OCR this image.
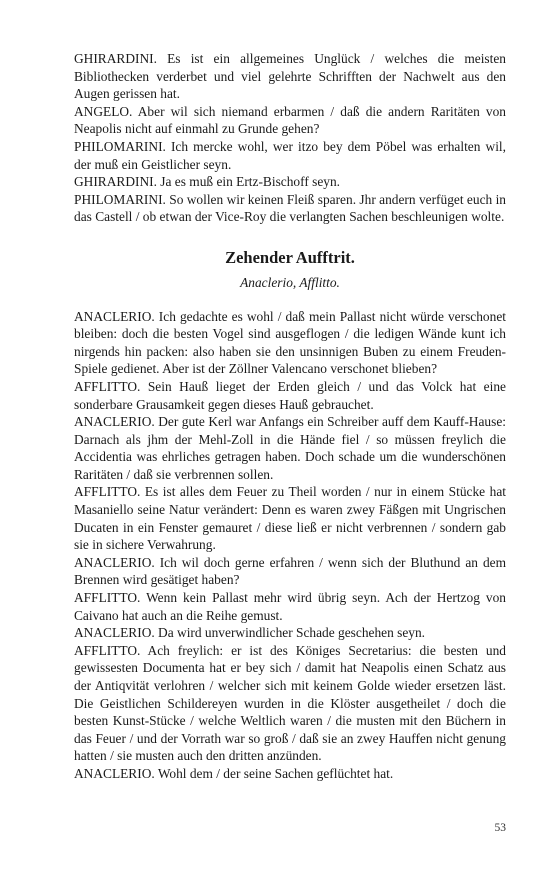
GHIRARDINI. Es ist ein allgemeines Unglück / welches die meisten Bibliothecken verderbet und viel gelehrte Schrifften der Nachwelt aus den Augen gerissen hat.

ANGELO. Aber wil sich niemand erbarmen / daß die andern Raritäten von Neapolis nicht auf einmahl zu Grunde gehen?

PHILOMARINI. Ich mercke wohl, wer itzo bey dem Pöbel was erhalten wil, der muß ein Geistlicher seyn.

GHIRARDINI. Ja es muß ein Ertz-Bischoff seyn.

PHILOMARINI. So wollen wir keinen Fleiß sparen. Jhr andern verfüget euch in das Castell / ob etwan der Vice-Roy die verlangten Sachen beschleunigen wolte.

Zehender Aufftrit.

Anaclerio, Afflitto.

ANACLERIO. Ich gedachte es wohl / daß mein Pallast nicht würde verschonet bleiben: doch die besten Vogel sind ausgeflogen / die ledigen Wände kunt ich nirgends hin packen: also haben sie den unsinnigen Buben zu einem Freuden-Spiele gedienet. Aber ist der Zöllner Valencano verschonet blieben?

AFFLITTO. Sein Hauß lieget der Erden gleich / und das Volck hat eine sonderbare Grausamkeit gegen dieses Hauß gebrauchet.

ANACLERIO. Der gute Kerl war Anfangs ein Schreiber auff dem Kauff-Hause: Darnach als jhm der Mehl-Zoll in die Hände fiel / so müssen freylich die Accidentia was ehrliches getragen haben. Doch schade um die wunderschönen Raritäten / daß sie verbrennen sollen.

AFFLITTO. Es ist alles dem Feuer zu Theil worden / nur in einem Stücke hat Masaniello seine Natur verändert: Denn es waren zwey Fäßgen mit Ungrischen Ducaten in ein Fenster gemauret / diese ließ er nicht verbrennen / sondern gab sie in sichere Verwahrung.

ANACLERIO. Ich wil doch gerne erfahren / wenn sich der Bluthund an dem Brennen wird gesätiget haben?

AFFLITTO. Wenn kein Pallast mehr wird übrig seyn. Ach der Hertzog von Caivano hat auch an die Reihe gemust.

ANACLERIO. Da wird unverwindlicher Schade geschehen seyn.

AFFLITTO. Ach freylich: er ist des Königes Secretarius: die besten und gewissesten Documenta hat er bey sich / damit hat Neapolis einen Schatz aus der Antiqvität verlohren / welcher sich mit keinem Golde wieder ersetzen läst. Die Geistlichen Schildereyen wurden in die Klöster ausgetheilet / doch die besten Kunst-Stücke / welche Weltlich waren / die musten mit den Büchern in das Feuer / und der Vorrath war so groß / daß sie an zwey Hauffen nicht genung hatten / sie musten auch den dritten anzünden.

ANACLERIO. Wohl dem / der seine Sachen geflüchtet hat.

53
